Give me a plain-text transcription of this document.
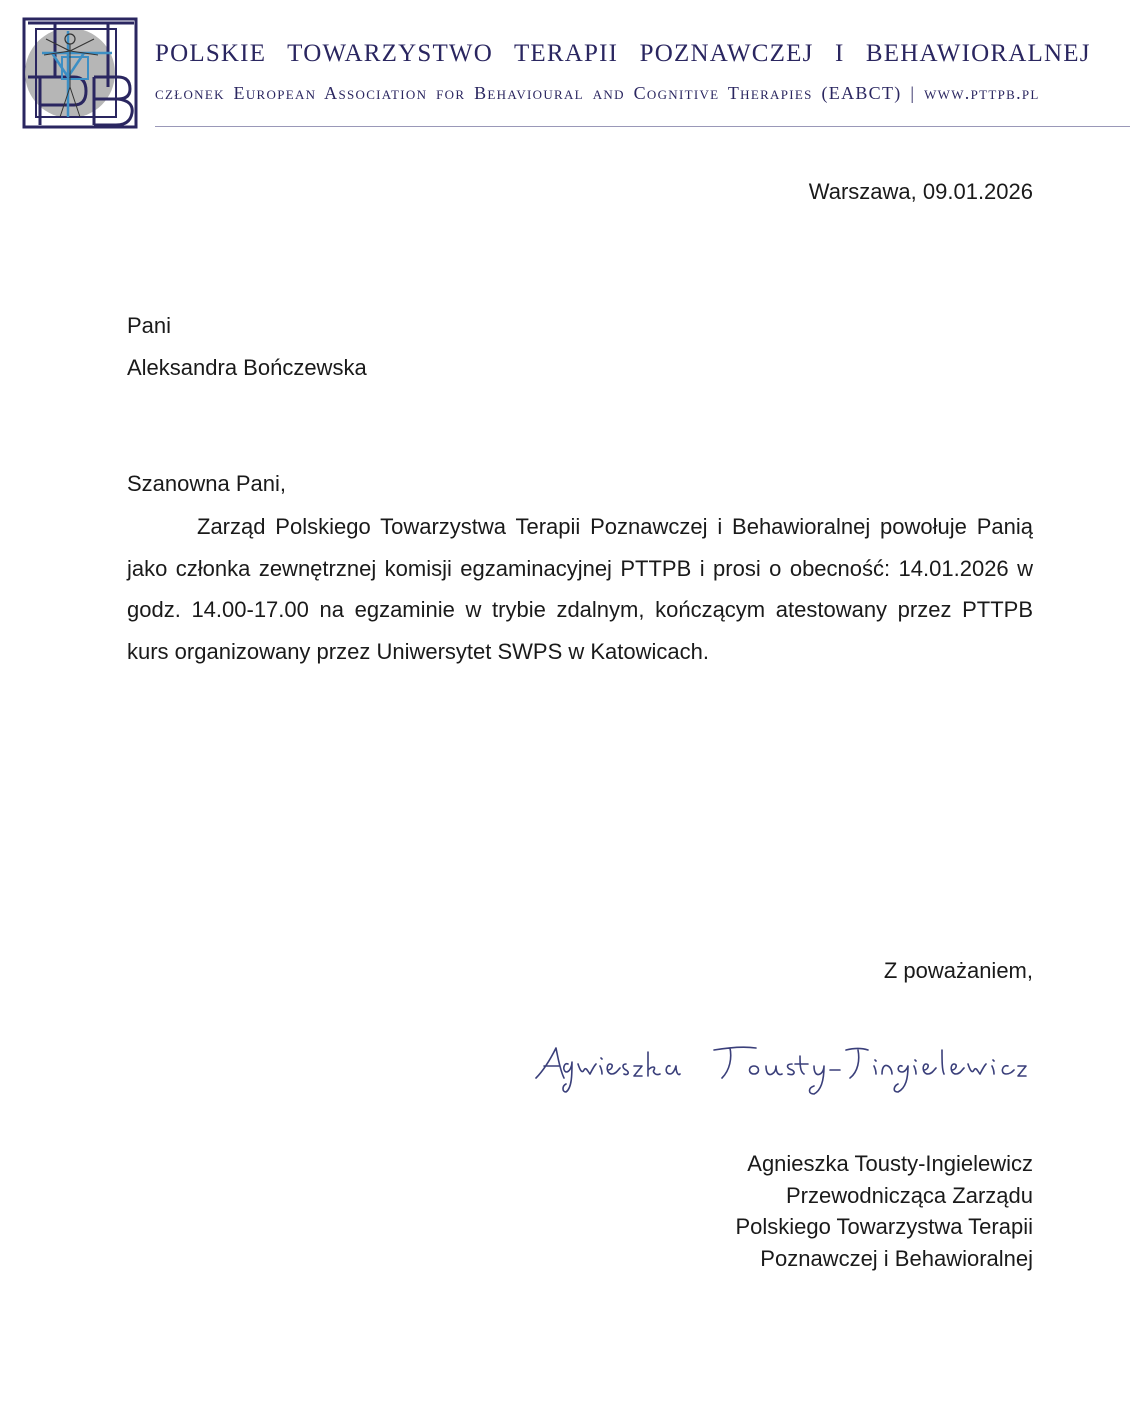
POLSKIE TOWARZYSTWO TERAPII POZNAWCZEJ I BEHAWIORALNEJ
członek European Association for Behavioural and Cognitive Therapies (EABCT) | www.pttpb.pl
Warszawa, 09.01.2026
Pani
Aleksandra Bończewska
Szanowna Pani,

Zarząd Polskiego Towarzystwa Terapii Poznawczej i Behawioralnej powołuje Panią jako członka zewnętrznej komisji egzaminacyjnej PTTPB i prosi o obecność: 14.01.2026 w godz. 14.00-17.00 na egzaminie w trybie zdalnym, kończącym atestowany przez PTTPB kurs organizowany przez Uniwersytet SWPS w Katowicach.

Z poważaniem,
Agnieszka Tousty-Ingielewicz
Przewodnicząca Zarządu
Polskiego Towarzystwa Terapii
Poznawczej i Behawioralnej
